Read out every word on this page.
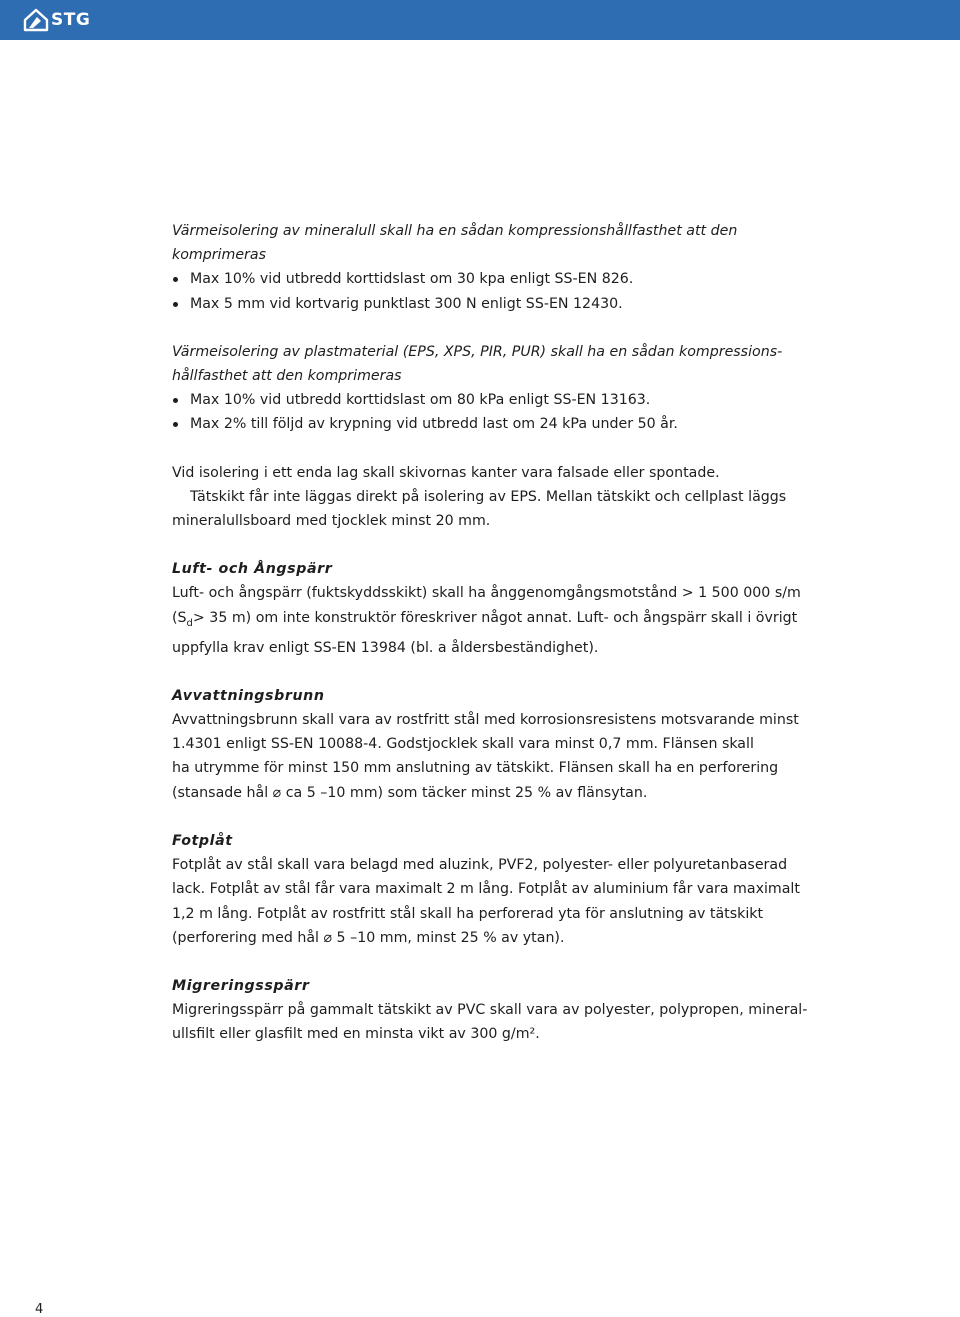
STG

Värmeisolering av mineralull skall ha en sådan kompressionshållfasthet att den komprimeras

Max 10% vid utbredd korttidslast om 30 kpa enligt SS-EN 826.
Max 5 mm vid kortvarig punktlast 300 N enligt SS-EN 12430.

Värmeisolering av plastmaterial (EPS, XPS, PIR, PUR) skall ha en sådan kompressions-

hållfasthet att den komprimeras

Max 10% vid utbredd korttidslast om 80 kPa enligt SS-EN 13163.
Max 2% till följd av krypning vid utbredd last om 24 kPa under 50 år.

Vid isolering i ett enda lag skall skivornas kanter vara falsade eller spontade.

Tätskikt får inte läggas direkt på isolering av EPS. Mellan tätskikt och cellplast läggs

mineralullsboard med tjocklek minst 20 mm.

Luft- och Ångspärr

Luft- och ångspärr (fuktskyddsskikt) skall ha ånggenomgångsmotstånd > 1 500 000 s/m

($S_d> 35$ m) om inte konstruktör föreskriver något annat. Luft- och ångspärr skall i övrigt

uppfylla krav enligt SS-EN 13984 (bl. a åldersbeständighet).

Avvattningsbrunn

Avvattningsbrunn skall vara av rostfritt stål med korrosionsresistens motsvarande minst

1.4301 enligt SS-EN 10088-4. Godstjocklek skall vara minst 0,7 mm. Flänsen skall

ha utrymme för minst 150 mm anslutning av tätskikt. Flänsen skall ha en perforering

(stansade hål ⌀ ca 5 –10 mm) som täcker minst 25 % av flänsytan.

Fotplåt

Fotplåt av stål skall vara belagd med aluzink, PVF2, polyester- eller polyuretanbaserad

lack. Fotplåt av stål får vara maximalt 2 m lång. Fotplåt av aluminium får vara maximalt

1,2 m lång. Fotplåt av rostfritt stål skall ha perforerad yta för anslutning av tätskikt

(perforering med hål ⌀ 5 –10 mm, minst 25 % av ytan).

Migreringsspärr

Migreringsspärr på gammalt tätskikt av PVC skall vara av polyester, polypropen, mineral-

ullsfilt eller glasfilt med en minsta vikt av 300 g/m².

4
